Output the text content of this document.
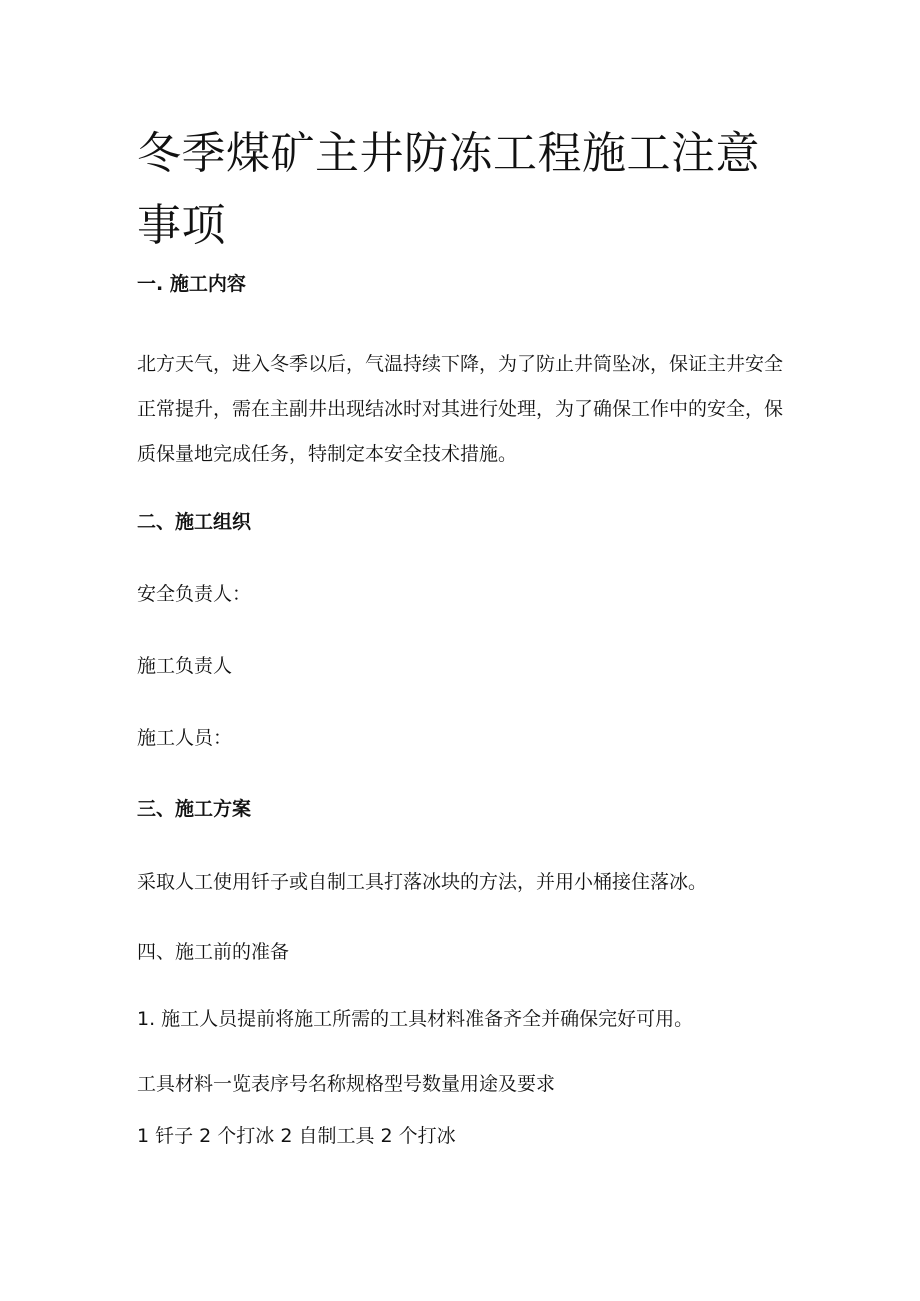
冬季煤矿主井防冻工程施工注意事项

一. 施工内容

北方天气，进入冬季以后，气温持续下降，为了防止井筒坠冰，保证主井安全正常提升，需在主副井出现结冰时对其进行处理，为了确保工作中的安全，保质保量地完成任务，特制定本安全技术措施。

二、施工组织

安全负责人：

施工负责人

施工人员：

三、施工方案

采取人工使用钎子或自制工具打落冰块的方法，并用小桶接住落冰。

四、施工前的准备

1. 施工人员提前将施工所需的工具材料准备齐全并确保完好可用。

工具材料一览表序号名称规格型号数量用途及要求

1 钎子 2 个打冰 2 自制工具 2 个打冰
